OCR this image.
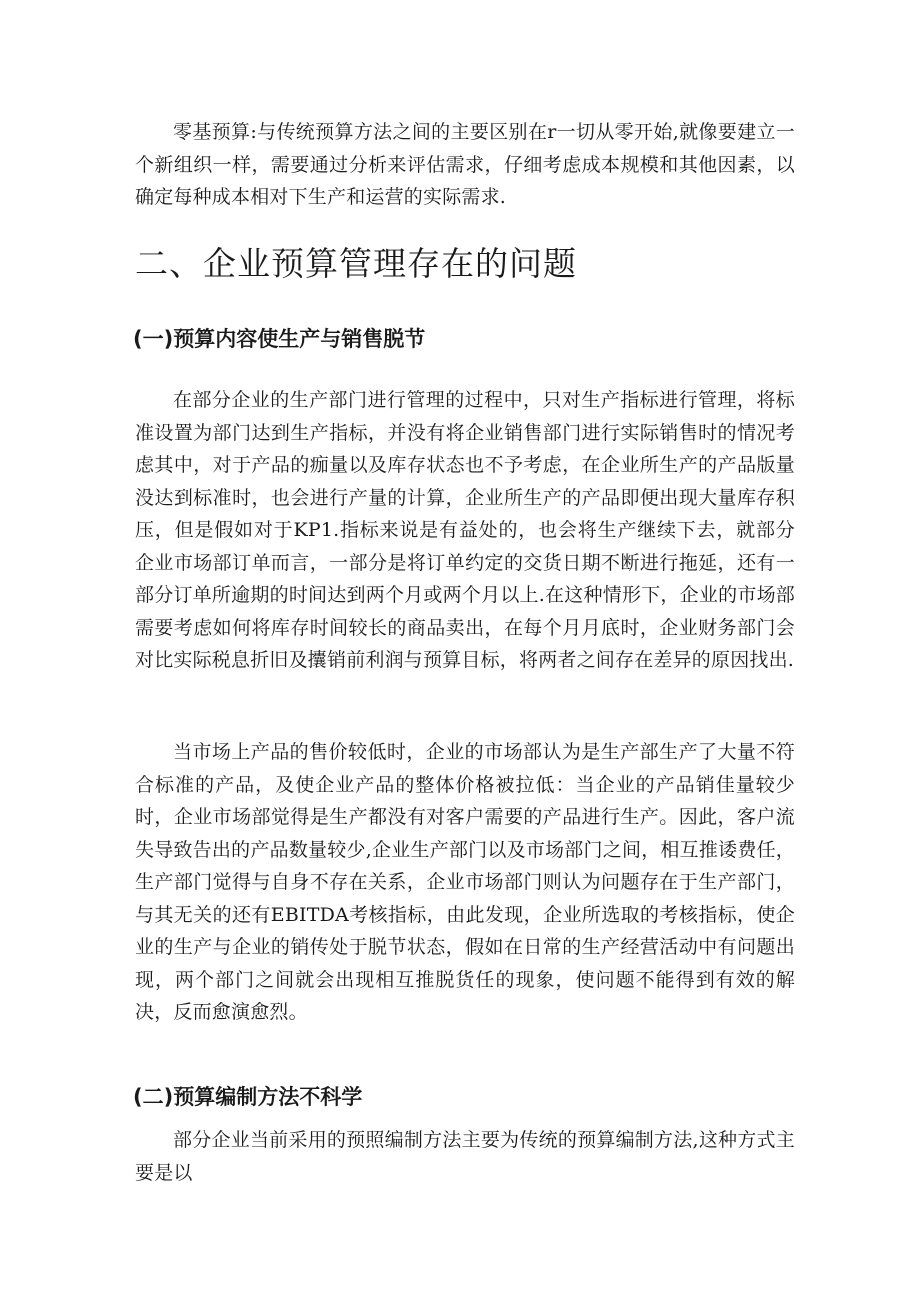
零基预算:与传统预算方法之间的主要区别在r一切从零开始,就像要建立一个新组织一样，需要通过分析来评估需求，仔细考虑成本规模和其他因素，以确定每种成本相对下生产和运营的实际需求.

二、企业预算管理存在的问题
(一)预算内容使生产与销售脱节

在部分企业的生产部门进行管理的过程中，只对生产指标进行管理，将标准设置为部门达到生产指标，并没有将企业销售部门进行实际销售时的情况考虑其中，对于产品的痂量以及库存状态也不予考虑，在企业所生产的产品版量没达到标准时，也会进行产量的计算，企业所生产的产品即便出现大量库存积压，但是假如对于KP1.指标来说是有益处的，也会将生产继续下去，就部分企业市场部订单而言，一部分是将订单约定的交货日期不断进行拖延，还有一部分订单所逾期的时间达到两个月或两个月以上.在这种情形下，企业的市场部需要考虑如何将库存时间较长的商品卖出，在每个月月底时，企业财务部门会对比实际税息折旧及攮销前利润与预算目标，将两者之间存在差异的原因找出.

当市场上产品的售价较低时，企业的市场部认为是生产部生产了大量不符合标准的产品，及使企业产品的整体价格被拉低：当企业的产品销佳量较少时，企业市场部觉得是生产都没有对客户需要的产品进行生产。因此，客户流失导致告出的产品数量较少,企业生产部门以及市场部门之间，相互推诿费任，生产部门觉得与自身不存在关系，企业市场部门则认为问题存在于生产部门，与其无关的还有EBITDA考核指标，由此发现，企业所选取的考核指标，使企业的生产与企业的销传处于脱节状态，假如在日常的生产经营活动中有问题出现，两个部门之间就会出现相互推脱货任的现象，使问题不能得到有效的解决，反而愈演愈烈。

(二)预算编制方法不科学

部分企业当前采用的预照编制方法主要为传统的预算编制方法,这种方式主要是以
